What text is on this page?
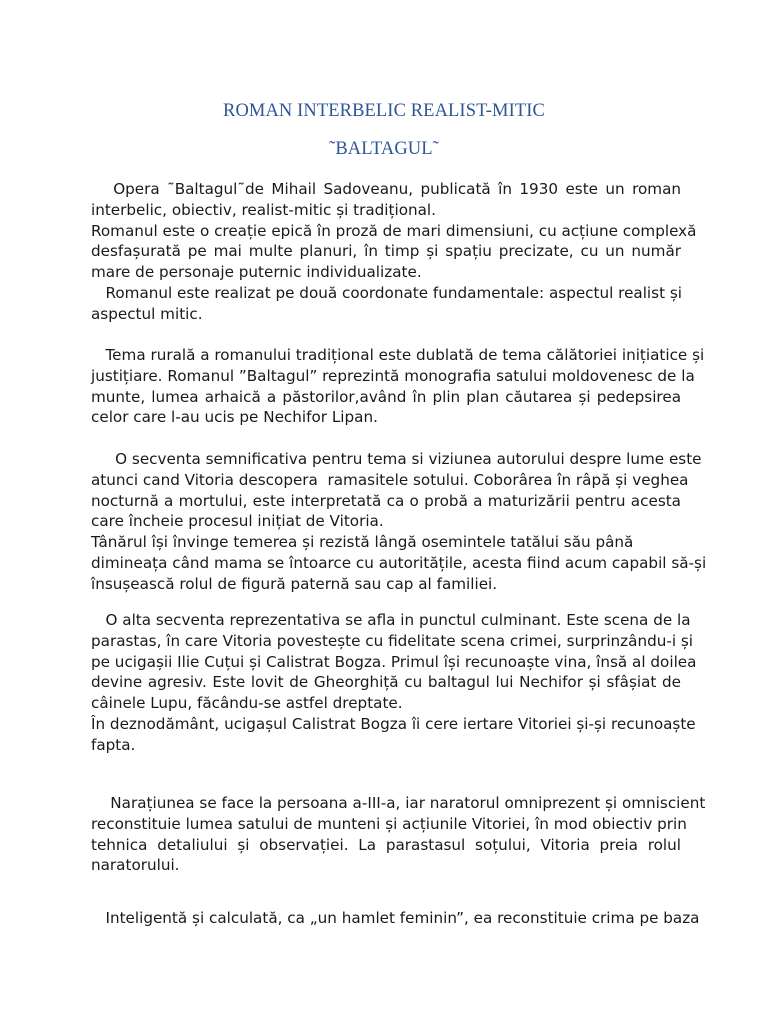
ROMAN INTERBELIC REALIST-MITIC
˜BALTAGUL˜
Opera ˜Baltagul˜de Mihail Sadoveanu, publicată în 1930 este un roman
interbelic, obiectiv, realist-mitic și tradițional.
Romanul este o creație epică în proză de mari dimensiuni, cu acțiune complexă
desfașurată pe mai multe planuri, în timp și spațiu precizate, cu un număr
mare de personaje puternic individualizate.
Romanul este realizat pe două coordonate fundamentale: aspectul realist și
aspectul mitic.
Tema rurală a romanului tradițional este dublată de tema călătoriei inițiatice și
justițiare. Romanul ”Baltagul” reprezintă monografia satului moldovenesc de la
munte, lumea arhaică a păstorilor,având în plin plan căutarea și pedepsirea
celor care l-au ucis pe Nechifor Lipan.
O secventa semnificativa pentru tema si viziunea autorului despre lume este
atunci cand Vitoria descopera  ramasitele sotului. Coborârea în râpă și veghea
nocturnă a mortului, este interpretată ca o probă a maturizării pentru acesta
care încheie procesul inițiat de Vitoria.
Tânărul își învinge temerea și rezistă lângă osemintele tatălui său până
dimineața când mama se întoarce cu autoritățile, acesta fiind acum capabil să-și
însușească rolul de figură paternă sau cap al familiei.
O alta secventa reprezentativa se afla in punctul culminant. Este scena de la
parastas, în care Vitoria povestește cu fidelitate scena crimei, surprinzându-i și
pe ucigașii Ilie Cuțui și Calistrat Bogza. Primul își recunoaște vina, însă al doilea
devine agresiv. Este lovit de Gheorghiță cu baltagul lui Nechifor și sfâșiat de
câinele Lupu, făcându-se astfel dreptate.
În deznodământ, ucigașul Calistrat Bogza îi cere iertare Vitoriei și-și recunoaște
fapta.
Narațiunea se face la persoana a-III-a, iar naratorul omniprezent și omniscient
reconstituie lumea satului de munteni și acțiunile Vitoriei, în mod obiectiv prin
tehnica detaliului și observației. La parastasul soțului, Vitoria preia rolul
naratorului.
Inteligentă și calculată, ca „un hamlet feminin”, ea reconstituie crima pe baza
